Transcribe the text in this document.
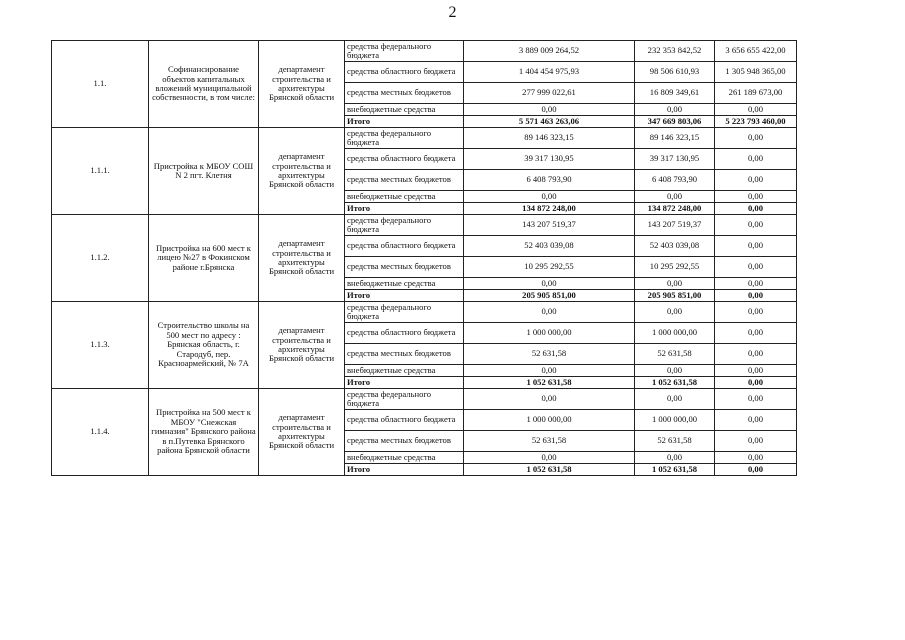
2
1.1.	Софинансирование объектов капитальных вложений муниципальной собственности, в том числе:	департамент строительства и архитектуры Брянской области	средства федерального бюджета	3 889 009 264,52	232 353 842,52	3 656 655 422,00
			средства областного бюджета	1 404 454 975,93	98 506 610,93	1 305 948 365,00
			средства местных бюджетов	277 999 022,61	16 809 349,61	261 189 673,00
			внебюджетные средства	0,00	0,00	0,00
			Итого	5 571 463 263,06	347 669 803,06	5 223 793 460,00
1.1.1.	Пристройка к МБОУ СОШ N 2 пгт. Клетня	департамент строительства и архитектуры Брянской области	средства федерального бюджета	89 146 323,15	89 146 323,15	0,00
			средства областного бюджета	39 317 130,95	39 317 130,95	0,00
			средства местных бюджетов	6 408 793,90	6 408 793,90	0,00
			внебюджетные средства	0,00	0,00	0,00
			Итого	134 872 248,00	134 872 248,00	0,00
1.1.2.	Пристройка на 600 мест к лицею №27 в Фокинском районе г.Брянска	департамент строительства и архитектуры Брянской области	средства федерального бюджета	143 207 519,37	143 207 519,37	0,00
			средства областного бюджета	52 403 039,08	52 403 039,08	0,00
			средства местных бюджетов	10 295 292,55	10 295 292,55	0,00
			внебюджетные средства	0,00	0,00	0,00
			Итого	205 905 851,00	205 905 851,00	0,00
1.1.3.	Строительство школы на 500 мест по адресу : Брянская область, г. Стародуб, пер. Красноармейский, № 7А	департамент строительства и архитектуры Брянской области	средства федерального бюджета	0,00	0,00	0,00
			средства областного бюджета	1 000 000,00	1 000 000,00	0,00
			средства местных бюджетов	52 631,58	52 631,58	0,00
			внебюджетные средства	0,00	0,00	0,00
			Итого	1 052 631,58	1 052 631,58	0,00
1.1.4.	Пристройка на 500 мест к МБОУ "Снежская гимназия" Брянского района в п.Путевка Брянского района Брянской области	департамент строительства и архитектуры Брянской области	средства федерального бюджета	0,00	0,00	0,00
			средства областного бюджета	1 000 000,00	1 000 000,00	0,00
			средства местных бюджетов	52 631,58	52 631,58	0,00
			внебюджетные средства	0,00	0,00	0,00
			Итого	1 052 631,58	1 052 631,58	0,00
